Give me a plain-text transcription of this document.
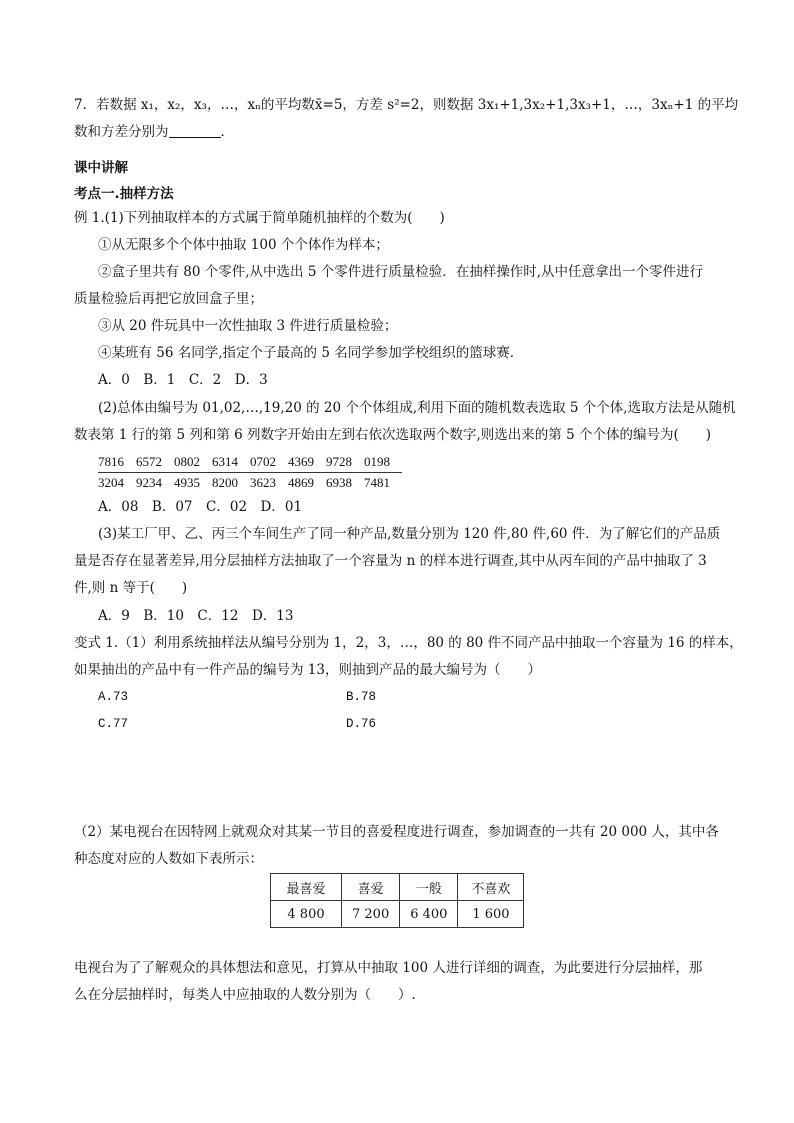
7．若数据 x₁，x₂，x₃，…，xₙ的平均数x̄=5，方差 s²=2，则数据 3x₁+1,3x₂+1,3x₃+1，…，3xₙ+1 的平均
数和方差分别为	．
课中讲解
考点一.抽样方法
例 1.(1)下列抽取样本的方式属于简单随机抽样的个数为(　　)
①从无限多个个体中抽取 100 个个体作为样本；
②盒子里共有 80 个零件,从中选出 5 个零件进行质量检验．在抽样操作时,从中任意拿出一个零件进行
质量检验后再把它放回盒子里；
③从 20 件玩具中一次性抽取 3 件进行质量检验；
④某班有 56 名同学,指定个子最高的 5 名同学参加学校组织的篮球赛．
A．0　B．1　C．2　D．3
(2)总体由编号为 01,02,…,19,20 的 20 个个体组成,利用下面的随机数表选取 5 个个体,选取方法是从随机
数表第 1 行的第 5 列和第 6 列数字开始由左到右依次选取两个数字,则选出来的第 5 个个体的编号为(　　)
7816	6572	0802	6314	0702	4369	9728	0198
3204	9234	4935	8200	3623	4869	6938	7481
A．08　B．07　C．02　D．01
(3)某工厂甲、乙、丙三个车间生产了同一种产品,数量分别为 120 件,80 件,60 件．为了解它们的产品质
量是否存在显著差异,用分层抽样方法抽取了一个容量为 n 的样本进行调查,其中从丙车间的产品中抽取了 3
件,则 n 等于(　　)
A．9　B．10　C．12　D．13
变式 1.（1）利用系统抽样法从编号分别为 1，2，3，…，80 的 80 件不同产品中抽取一个容量为 16 的样本，
如果抽出的产品中有一件产品的编号为 13，则抽到产品的最大编号为（　　）
A.73	B.78
C.77	D.76
（2）某电视台在因特网上就观众对其某一节目的喜爱程度进行调查，参加调查的一共有 20 000 人，其中各
种态度对应的人数如下表所示：
最喜爱	喜爱	一般	不喜欢
4 800	7 200	6 400	1 600
电视台为了了解观众的具体想法和意见，打算从中抽取 100 人进行详细的调查，为此要进行分层抽样，那
么在分层抽样时，每类人中应抽取的人数分别为（　　）.
